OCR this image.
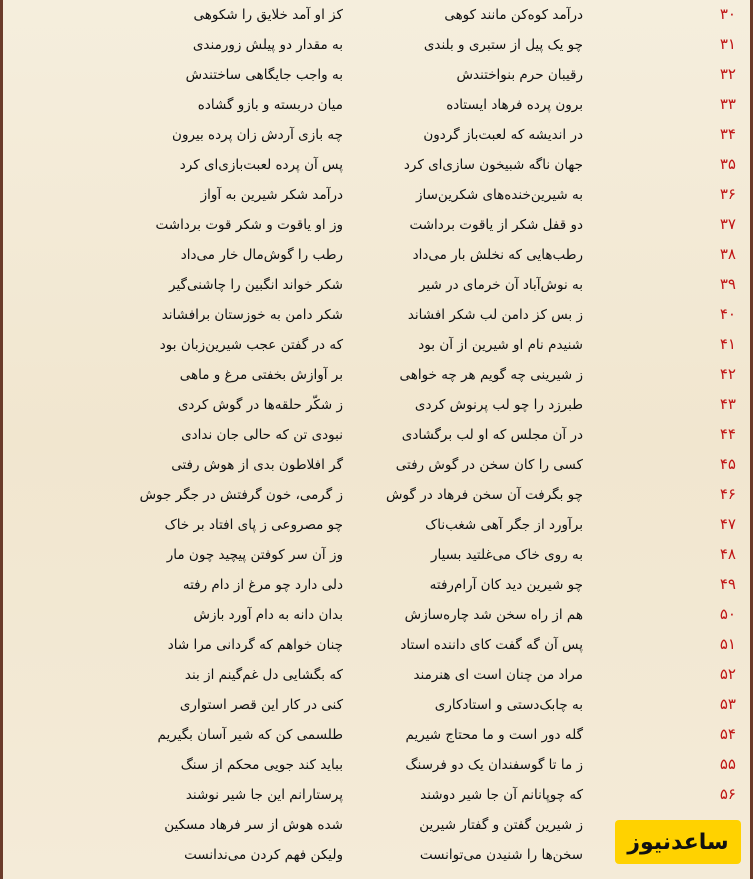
۳۰
درآمد کوه‌کن مانند کوهی
کز او آمد خلایق را شکوهی
۳۱
چو یک پیل از ستبری و بلندی
به مقدار دو پیلش زورمندی
۳۲
رقیبان حرم بنواختندش
به واجب جایگاهی ساختندش
۳۳
برون پرده فرهاد ایستاده
میان دربسته و بازو گشاده
۳۴
در اندیشه که لعبت‌باز گردون
چه بازی آردش زان پرده بیرون
۳۵
جهان ناگه شبیخون سازی‌ای کرد
پس آن پرده لعبت‌بازی‌ای کرد
۳۶
به شیرین‌خنده‌های شکرین‌ساز
درآمد شکر شیرین به آواز
۳۷
دو قفل شکر از یاقوت برداشت
وز او یاقوت و شکر قوت برداشت
۳۸
رطب‌هایی که نخلش بار می‌داد
رطب را گوش‌مال خار می‌داد
۳۹
به نوش‌آباد آن خرمای در شیر
شکر خواند انگبین را چاشنی‌گیر
۴۰
ز بس کز دامن لب شکر افشاند
شکر دامن به خوزستان برافشاند
۴۱
شنیدم نام او شیرین از آن بود
که در گفتن عجب شیرین‌زبان بود
۴۲
ز شیرینی چه گویم هر چه خواهی
بر آوازش بخفتی مرغ و ماهی
۴۳
طبرزد را چو لب پرنوش کردی
ز شکّر حلقه‌ها در گوش کردی
۴۴
در آن مجلس که او لب برگشادی
نبودی تن که حالی جان ندادی
۴۵
کسی را کان سخن در گوش رفتی
گر افلاطون بدی از هوش رفتی
۴۶
چو بگرفت آن سخن فرهاد در گوش
ز گرمی، خون گرفتش در جگر جوش
۴۷
برآورد از جگر آهی شغب‌ناک
چو مصروعی ز پای افتاد بر خاک
۴۸
به روی خاک می‌غلتید بسیار
وز آن سر کوفتن پیچید چون مار
۴۹
چو شیرین دید کان آرام‌رفته
دلی دارد چو مرغ از دام رفته
۵۰
هم از راه سخن شد چاره‌سازش
بدان دانه به دام آورد بازش
۵۱
پس آن گه گفت کای داننده استاد
چنان خواهم که گردانی مرا شاد
۵۲
مراد من چنان است ای هنرمند
که بگشایی دل غم‌گینم از بند
۵۳
به چابک‌دستی و استادکاری
کنی در کار این قصر استواری
۵۴
گله دور است و ما محتاج شیریم
طلسمی کن که شیر آسان بگیریم
۵۵
ز ما تا گوسفندان یک دو فرسنگ
بباید کند جویی محکم از سنگ
۵۶
که چوپانانم آن جا شیر دوشند
پرستارانم این جا شیر نوشند
ز شیرین گفتن و گفتار شیرین
شده هوش از سر فرهاد مسکین
سخن‌ها را شنیدن می‌توانست
ولیکن فهم کردن می‌ندانست
ساعدنیوز
